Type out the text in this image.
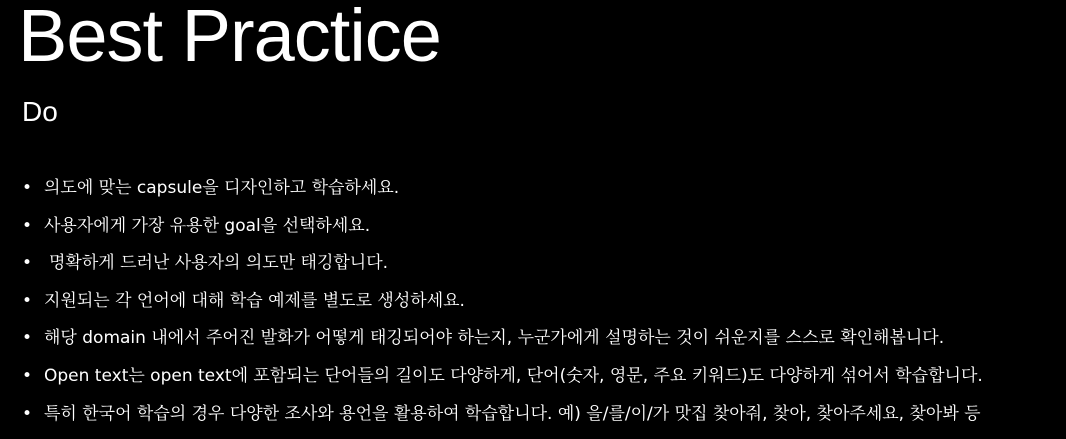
Best Practice
Do
• 의도에 맞는 capsule을 디자인하고 학습하세요.
• 사용자에게 가장 유용한 goal을 선택하세요.
• 명확하게 드러난 사용자의 의도만 태깅합니다.
• 지원되는 각 언어에 대해 학습 예제를 별도로 생성하세요.
• 해당 domain 내에서 주어진 발화가 어떻게 태깅되어야 하는지, 누군가에게 설명하는 것이 쉬운지를 스스로 확인해봅니다.
• Open text는 open text에 포함되는 단어들의 길이도 다양하게, 단어(숫자, 영문, 주요 키워드)도 다양하게 섞어서 학습합니다.
• 특히 한국어 학습의 경우 다양한 조사와 용언을 활용하여 학습합니다. 예) 을/를/이/가 맛집 찾아줘, 찾아, 찾아주세요, 찾아봐 등
